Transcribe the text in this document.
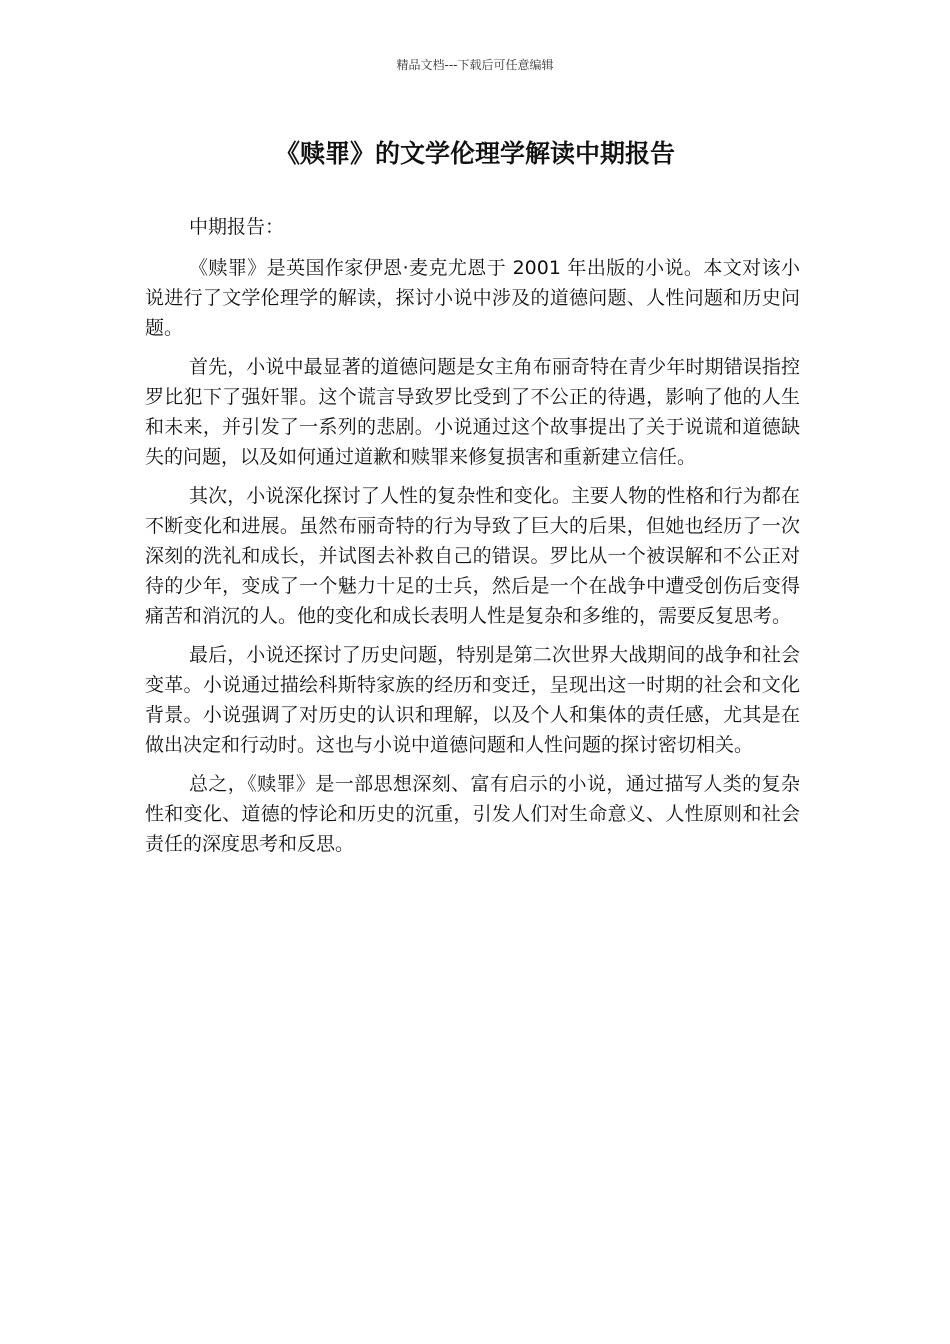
精品文档---下载后可任意编辑
《赎罪》的文学伦理学解读中期报告

中期报告：

《赎罪》是英国作家伊恩·麦克尤恩于 2001 年出版的小说。本文对该小说进行了文学伦理学的解读，探讨小说中涉及的道德问题、人性问题和历史问题。

首先，小说中最显著的道德问题是女主角布丽奇特在青少年时期错误指控罗比犯下了强奸罪。这个谎言导致罗比受到了不公正的待遇，影响了他的人生和未来，并引发了一系列的悲剧。小说通过这个故事提出了关于说谎和道德缺失的问题，以及如何通过道歉和赎罪来修复损害和重新建立信任。

其次，小说深化探讨了人性的复杂性和变化。主要人物的性格和行为都在不断变化和进展。虽然布丽奇特的行为导致了巨大的后果，但她也经历了一次深刻的洗礼和成长，并试图去补救自己的错误。罗比从一个被误解和不公正对待的少年，变成了一个魅力十足的士兵，然后是一个在战争中遭受创伤后变得痛苦和消沉的人。他的变化和成长表明人性是复杂和多维的，需要反复思考。

最后，小说还探讨了历史问题，特别是第二次世界大战期间的战争和社会变革。小说通过描绘科斯特家族的经历和变迁，呈现出这一时期的社会和文化背景。小说强调了对历史的认识和理解，以及个人和集体的责任感，尤其是在做出决定和行动时。这也与小说中道德问题和人性问题的探讨密切相关。

总之，《赎罪》是一部思想深刻、富有启示的小说，通过描写人类的复杂性和变化、道德的悖论和历史的沉重，引发人们对生命意义、人性原则和社会责任的深度思考和反思。
